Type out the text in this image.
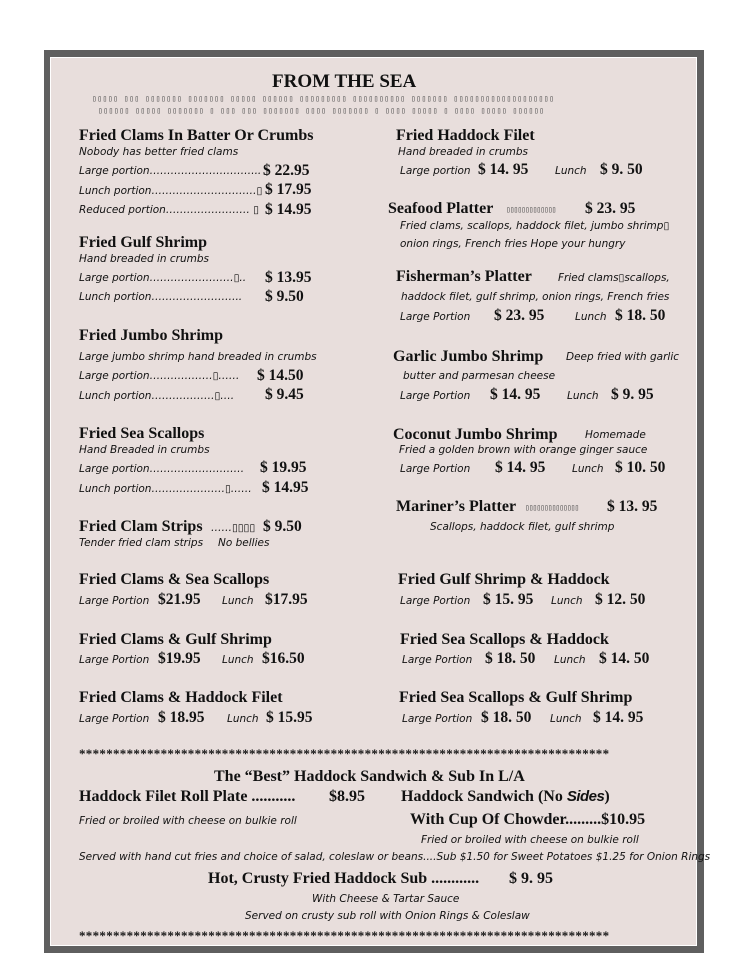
FROM THE SEA
▯▯▯▯▯ ▯▯▯ ▯▯▯▯▯▯▯ ▯▯▯▯▯▯▯ ▯▯▯▯▯ ▯▯▯▯▯▯ ▯▯▯▯▯▯▯▯▯ ▯▯▯▯▯▯▯▯▯▯ ▯▯▯▯▯▯▯ ▯▯▯▯▯▯▯▯▯▯▯▯▯▯▯▯▯▯▯
▯▯▯▯▯▯ ▯▯▯▯▯ ▯▯▯▯▯▯▯ ▯ ▯▯▯ ▯▯▯ ▯▯▯▯▯▯▯ ▯▯▯▯ ▯▯▯▯▯▯▯ ▯ ▯▯▯▯ ▯▯▯▯▯ ▯ ▯▯▯▯ ▯▯▯▯▯ ▯▯▯▯▯▯
Fried Clams In Batter Or Crumbs
Nobody has better fried clams
Large portion………………………….. $ 22.95
Lunch portion…………………………▯ $ 17.95
Reduced portion…………………… ▯ $ 14.95
Fried Gulf Shrimp
Hand breaded in crumbs
Large portion……………………▯.. $ 13.95
Lunch portion…………………….. $ 9.50
Fried Jumbo Shrimp
Large jumbo shrimp hand breaded in crumbs
Large portion………………▯…… $ 14.50
Lunch portion………………▯…. $ 9.45
Fried Sea Scallops
Hand Breaded in crumbs
Large portion……………………… $ 19.95
Lunch portion…………………▯…… $ 14.95
Fried Clam Strips ……▯▯▯▯ $ 9.50
Tender fried clam strips No bellies
Fried Haddock Filet
Hand breaded in crumbs
Large portion $ 14. 95	Lunch $ 9. 50
Seafood Platter ▯▯▯▯▯▯▯▯▯▯▯▯▯ $ 23. 95
Fried clams, scallops, haddock filet, jumbo shrimp▯
onion rings, French fries Hope your hungry
Fisherman’s Platter Fried clams▯scallops,
haddock filet, gulf shrimp, onion rings, French fries
Large Portion $ 23. 95	Lunch $ 18. 50
Garlic Jumbo Shrimp Deep fried with garlic
butter and parmesan cheese
Large Portion $ 14. 95	Lunch $ 9. 95
Coconut Jumbo Shrimp	Homemade
Fried a golden brown with orange ginger sauce
Large Portion $ 14. 95	Lunch $ 10. 50
Mariner’s Platter ▯▯▯▯▯▯▯▯▯▯▯▯▯▯ $ 13. 95
Scallops, haddock filet, gulf shrimp
Fried Clams & Sea Scallops
Large Portion $21.95 Lunch $17.95
Fried Gulf Shrimp & Haddock
Large Portion $ 15. 95 Lunch $ 12. 50
Fried Clams & Gulf Shrimp
Large Portion $19.95 Lunch $16.50
Fried Sea Scallops & Haddock
Large Portion $ 18. 50 Lunch $ 14. 50
Fried Clams & Haddock Filet
Large Portion $ 18.95 Lunch $ 15.95
Fried Sea Scallops & Gulf Shrimp
Large Portion $ 18. 50 Lunch $ 14. 95
******************************************************************************
The “Best” Haddock Sandwich & Sub In L/A
Haddock Filet Roll Plate ........... $8.95 Haddock Sandwich (No Sides)
Fried or broiled with cheese on bulkie roll	With Cup Of Chowder.........$10.95
Fried or broiled with cheese on bulkie roll
Served with hand cut fries and choice of salad, coleslaw or beans....Sub $1.50 for Sweet Potatoes $1.25 for Onion Rings
Hot, Crusty Fried Haddock Sub ............ $ 9. 95
With Cheese & Tartar Sauce
Served on crusty sub roll with Onion Rings & Coleslaw
******************************************************************************
